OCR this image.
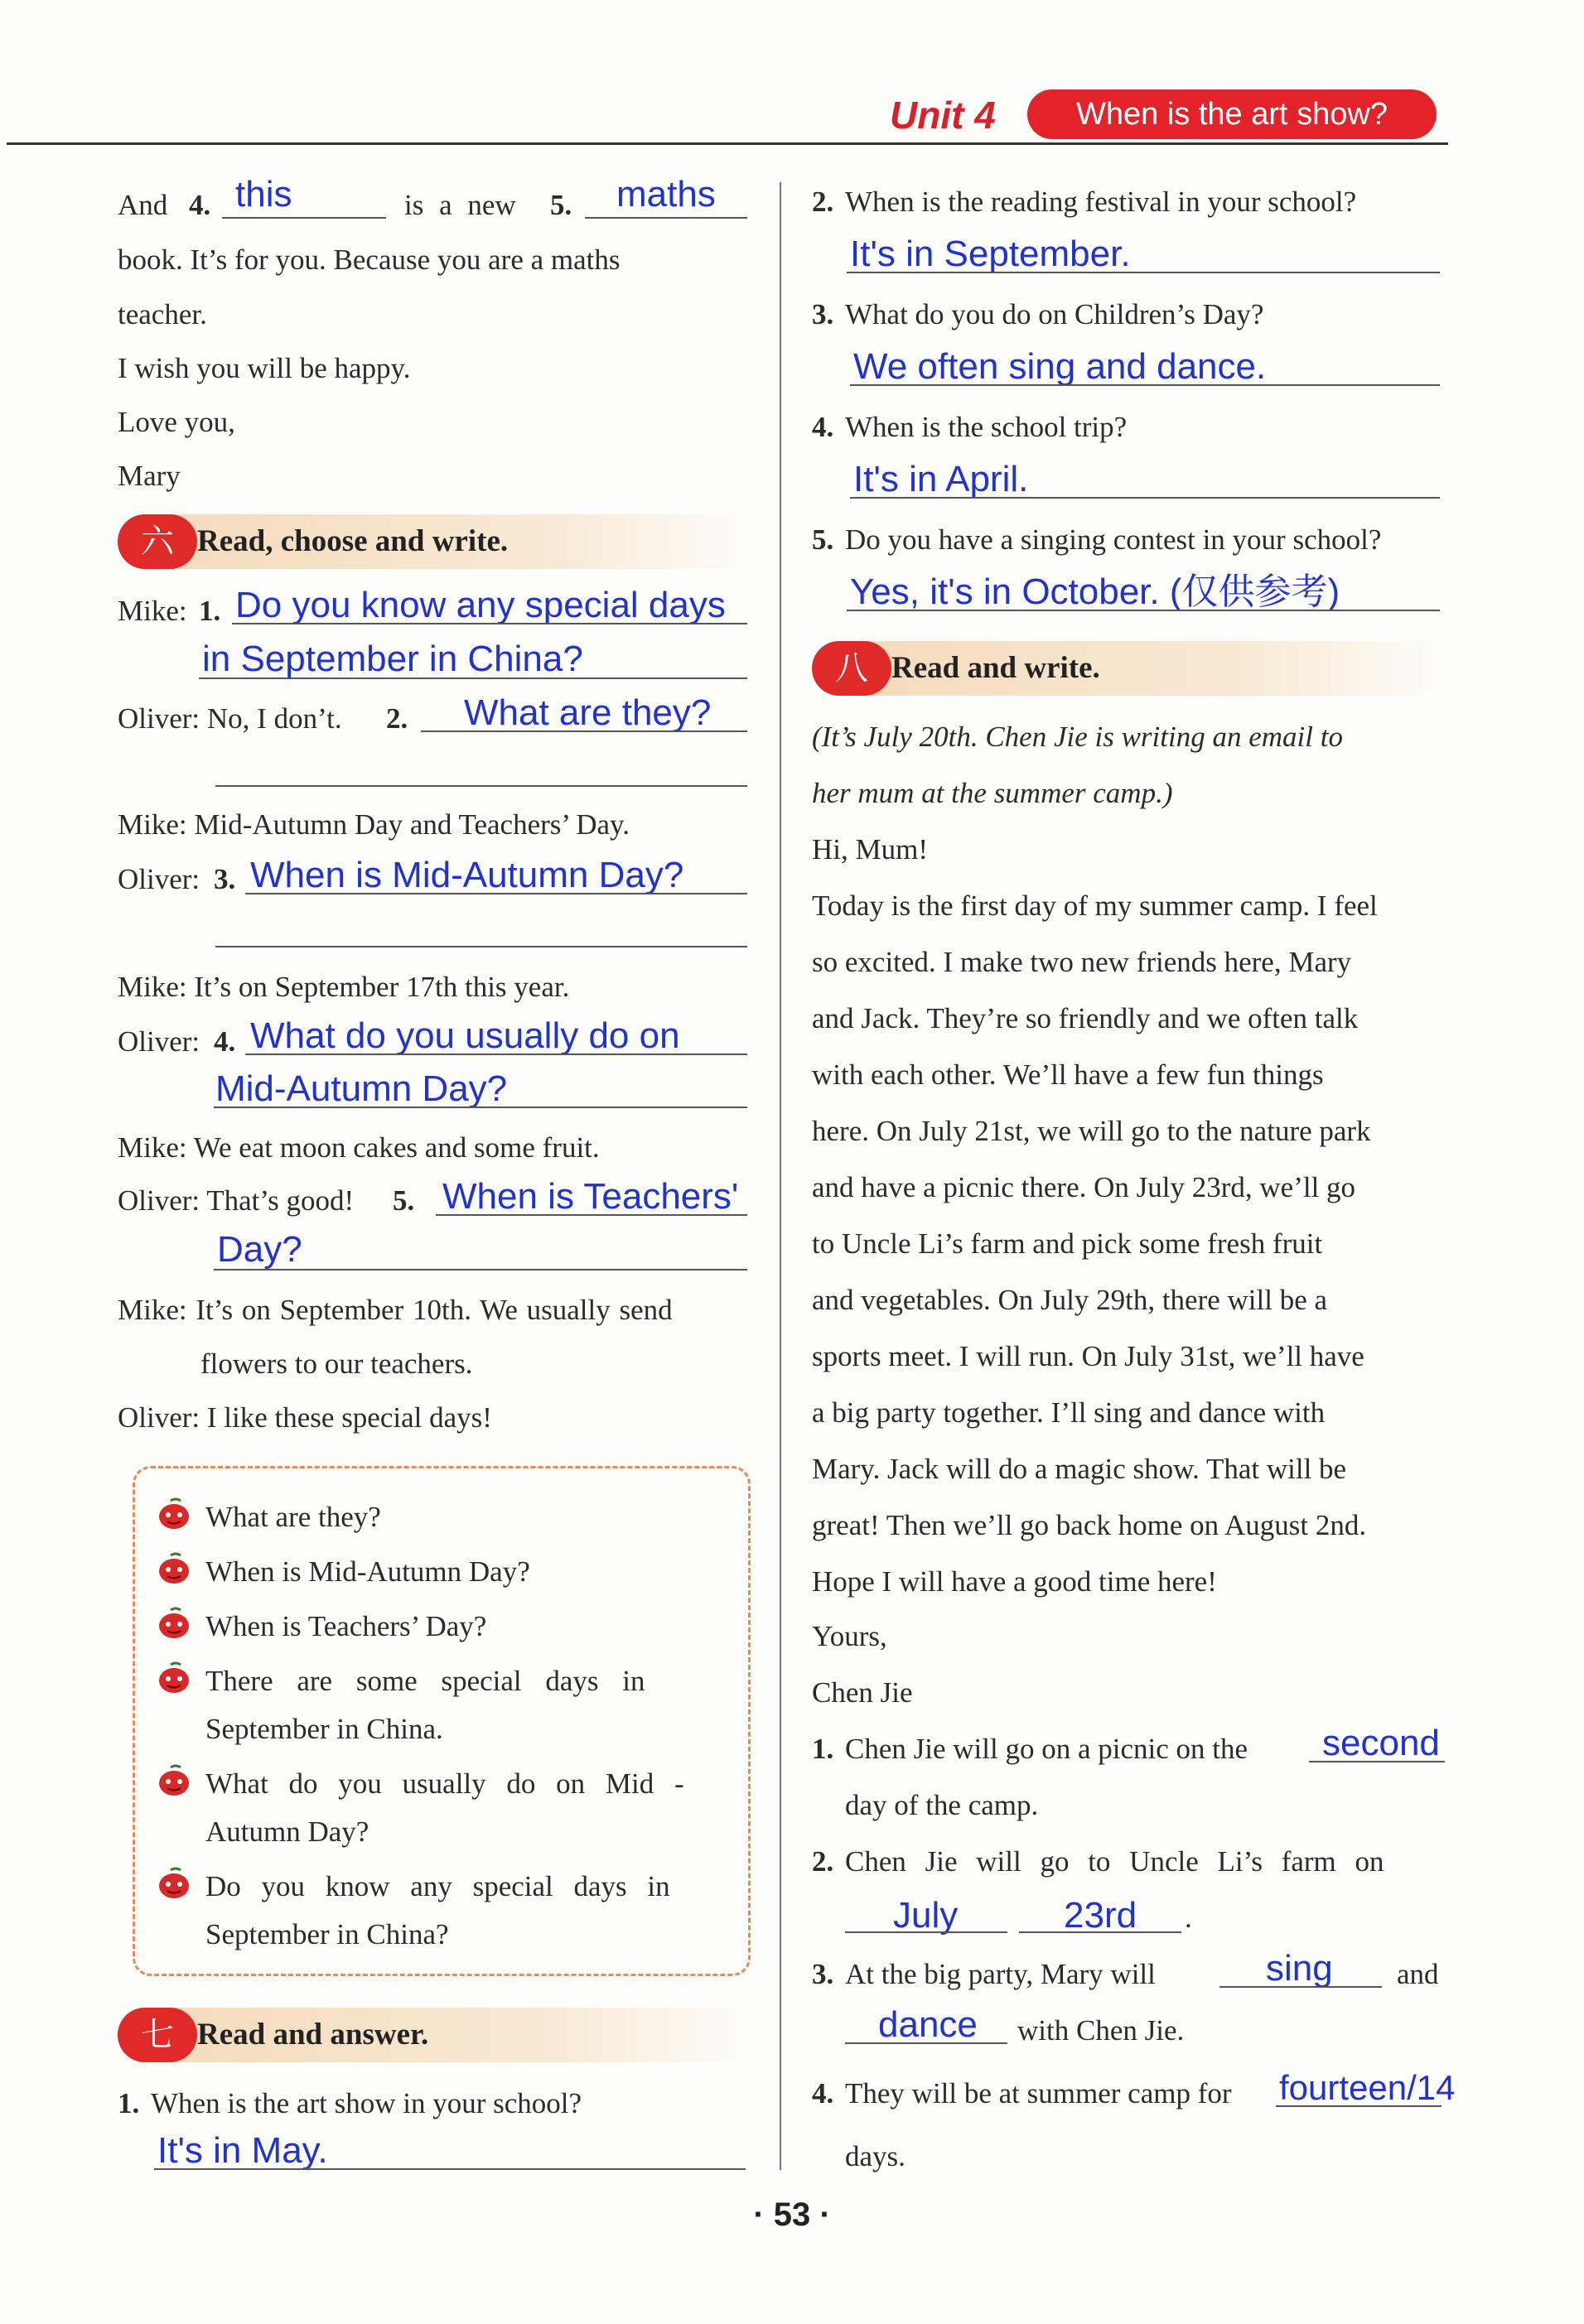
Unit 4	When is the art show?
And 4. this	is a new 5. maths
book. It’s for you. Because you are a maths
teacher.
I wish you will be happy.
Love you,
Mary
六 Read, choose and write.
Mike: 1. Do you know any special days
in September in China?
Oliver: No, I don’t. 2. What are they?
Mike: Mid-Autumn Day and Teachers’ Day.
Oliver: 3. When is Mid-Autumn Day?
Mike: It’s on September 17th this year.
Oliver: 4. What do you usually do on
Mid-Autumn Day?
Mike: We eat moon cakes and some fruit.
Oliver: That’s good! 5. When is Teachers'
Day?
Mike: It’s on September 10th. We usually send
flowers to our teachers.
Oliver: I like these special days!
What are they?
When is Mid-Autumn Day?
When is Teachers’ Day?
There are some special days in
September in China.
What do you usually do on Mid -
Autumn Day?
Do you know any special days in
September in China?
七 Read and answer.
1. When is the art show in your school?
It's in May.
2. When is the reading festival in your school?
It's in September.
3. What do you do on Children’s Day?
We often sing and dance.
4. When is the school trip?
It's in April.
5. Do you have a singing contest in your school?
Yes, it's in October. (仅供参考)
八 Read and write.
(It’s July 20th. Chen Jie is writing an email to
her mum at the summer camp.)
Hi, Mum!
Today is the first day of my summer camp. I feel
so excited. I make two new friends here, Mary
and Jack. They’re so friendly and we often talk
with each other. We’ll have a few fun things
here. On July 21st, we will go to the nature park
and have a picnic there. On July 23rd, we’ll go
to Uncle Li’s farm and pick some fresh fruit
and vegetables. On July 29th, there will be a
sports meet. I will run. On July 31st, we’ll have
a big party together. I’ll sing and dance with
Mary. Jack will do a magic show. That will be
great! Then we’ll go back home on August 2nd.
Hope I will have a good time here!
Yours,
Chen Jie
1. Chen Jie will go on a picnic on the second
day of the camp.
2. Chen Jie will go to Uncle Li’s farm on
July	23rd .
3. At the big party, Mary will	sing and
dance with Chen Jie.
4. They will be at summer camp for fourteen/14
days.
· 53 ·
